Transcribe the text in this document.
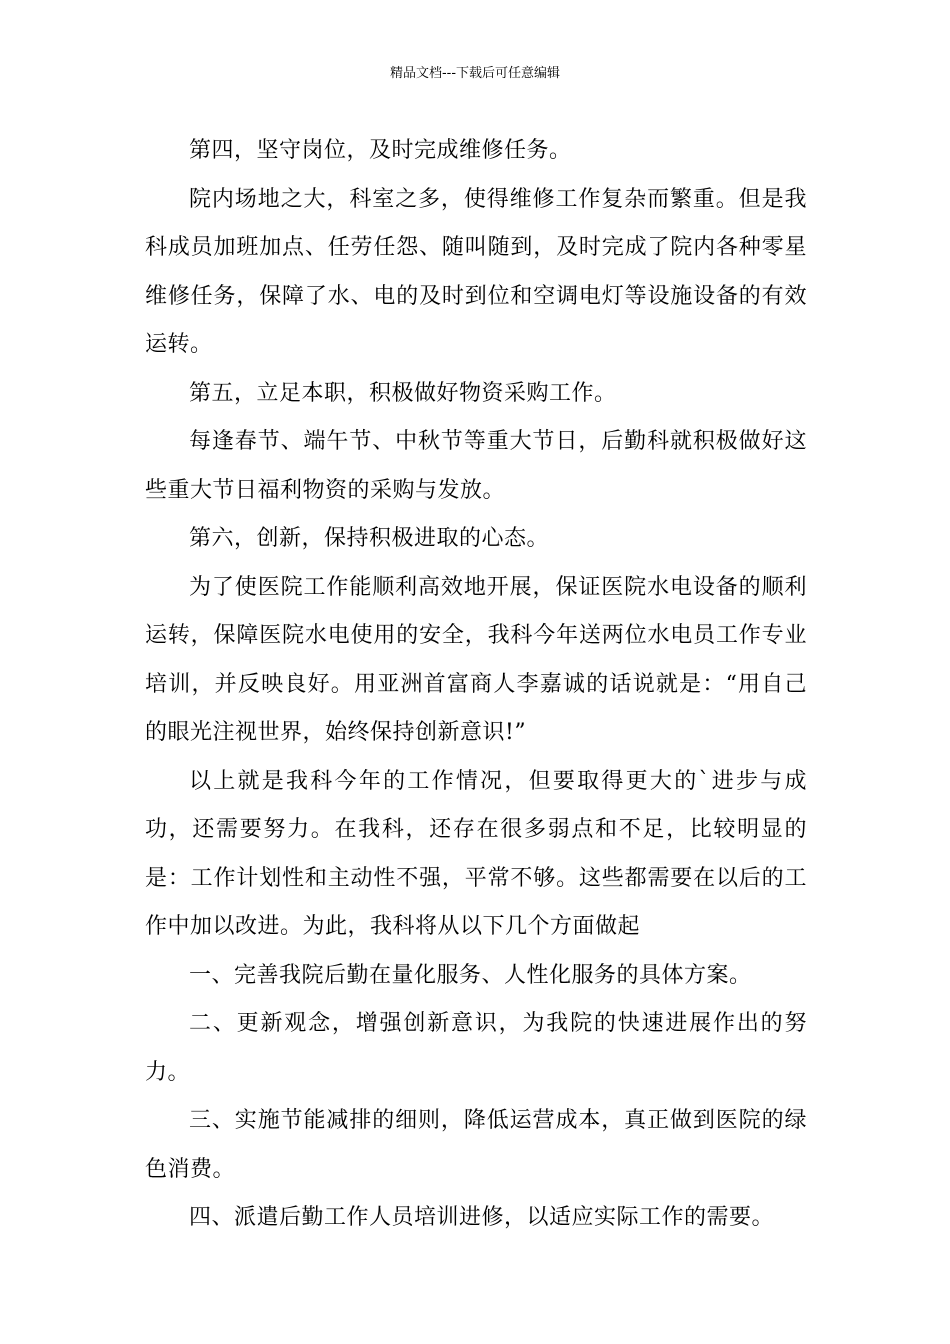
精品文档---下载后可任意编辑

第四，坚守岗位，及时完成维修任务。

院内场地之大，科室之多，使得维修工作复杂而繁重。但是我科成员加班加点、任劳任怨、随叫随到，及时完成了院内各种零星维修任务，保障了水、电的及时到位和空调电灯等设施设备的有效运转。

第五，立足本职，积极做好物资采购工作。

每逢春节、端午节、中秋节等重大节日，后勤科就积极做好这些重大节日福利物资的采购与发放。

第六，创新，保持积极进取的心态。

为了使医院工作能顺利高效地开展，保证医院水电设备的顺利运转，保障医院水电使用的安全，我科今年送两位水电员工作专业培训，并反映良好。用亚洲首富商人李嘉诚的话说就是：“用自己的眼光注视世界，始终保持创新意识!”

以上就是我科今年的工作情况，但要取得更大的`进步与成功，还需要努力。在我科，还存在很多弱点和不足，比较明显的是：工作计划性和主动性不强，平常不够。这些都需要在以后的工作中加以改进。为此，我科将从以下几个方面做起

一、完善我院后勤在量化服务、人性化服务的具体方案。

二、更新观念，增强创新意识，为我院的快速进展作出的努力。

三、实施节能减排的细则，降低运营成本，真正做到医院的绿色消费。

四、派遣后勤工作人员培训进修，以适应实际工作的需要。
